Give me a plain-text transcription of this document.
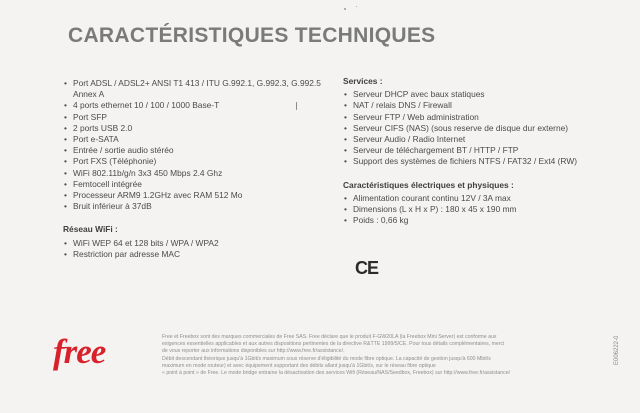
CARACTÉRISTIQUES TECHNIQUES
• Port ADSL / ADSL2+ ANSI T1 413 / ITU G.992.1, G.992.3, G.992.5 Annex A
• 4 ports ethernet 10 / 100 / 1000 Base-T
• Port SFP
• 2 ports USB 2.0
• Port e-SATA
• Entrée / sortie audio stéréo
• Port FXS (Téléphonie)
• WiFi 802.11b/g/n 3x3 450 Mbps 2.4 Ghz
• Femtocell intégrée
• Processeur ARM9 1.2GHz avec RAM 512 Mo
• Bruit inférieur à 37dB
Réseau WiFi :
• WiFi WEP 64 et 128 bits / WPA / WPA2
• Restriction par adresse MAC
Services :
• Serveur DHCP avec baux statiques
• NAT / relais DNS / Firewall
• Serveur FTP / Web administration
• Serveur CIFS (NAS) (sous reserve de disque dur externe)
• Serveur Audio / Radio Internet
• Serveur de téléchargement BT / HTTP / FTP
• Support des systèmes de fichiers NTFS / FAT32 / Ext4 (RW)
Caractéristiques électriques et physiques :
• Alimentation courant continu 12V / 3A max
• Dimensions (L x H x P) : 180 x 45 x 190 mm
• Poids : 0,66 kg
CE
free	Free et Freebox sont des marques commerciales de Free SAS. Free déclare que le produit F-GW20LA (la Freebox Mini Server) est conforme aux
exigences essentielles applicables et aux autres dispositions pertinentes de la directive R&TTE 1999/5/CE. Pour tous détails complémentaires, merci
de vous reporter aux informations disponibles sur http://www.free.fr/assistance/.
Débit descendant théorique jusqu'à 1Gbit/s maximum sous réserve d'éligibilité du mode fibre optique. La capacité de gestion jusqu'à 600 Mbit/s
maximum en mode routeur) et avec équipement supportant des débits allant jusqu'à 1Gbit/s, sur le réseau fibre optique
« point à point » de Free. Le mode bridge entraine la désactivation des services Wifi (Réseau/NAS/Seedbox, Freebox) sur http://www.free.fr/assistance/
E006222-0
